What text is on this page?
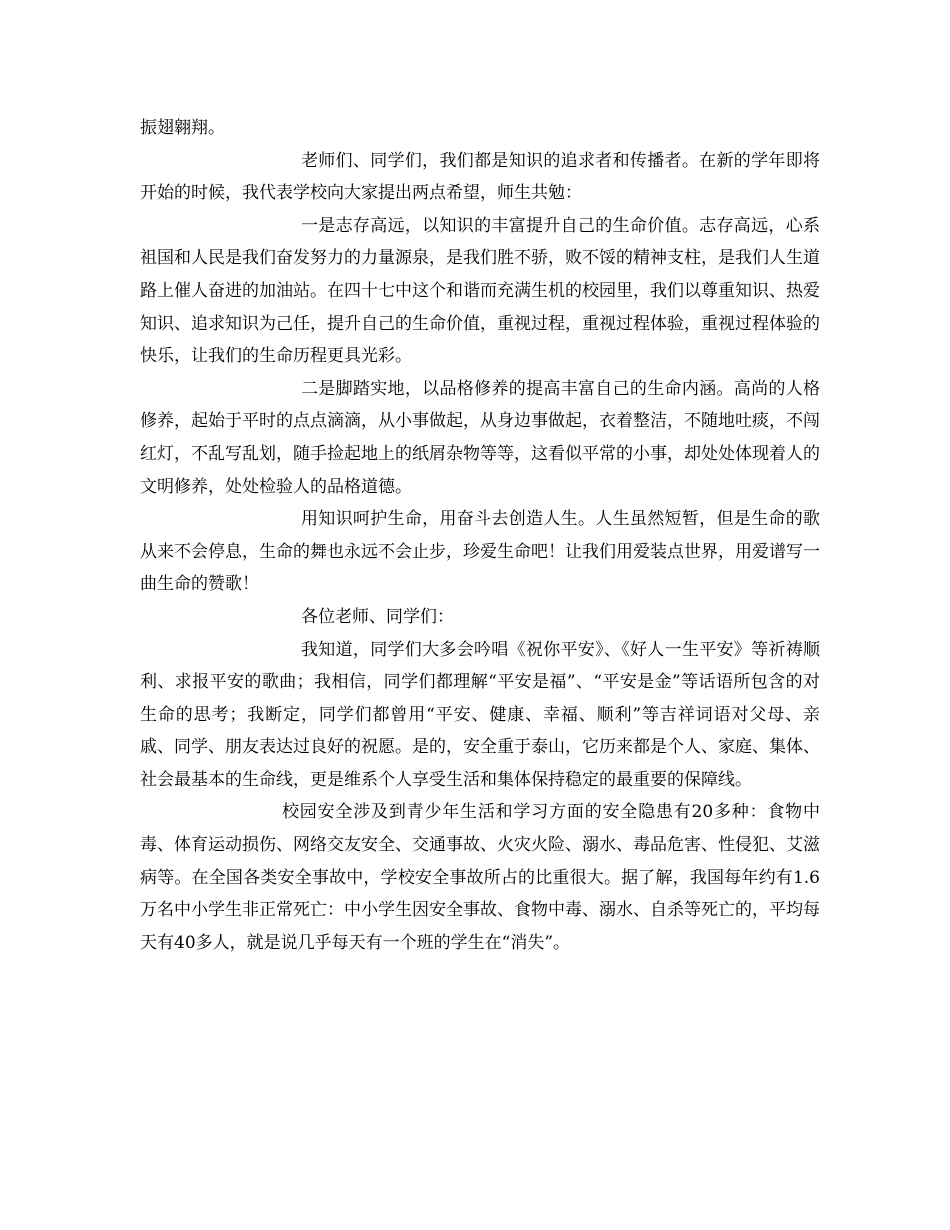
振翅翱翔。

老师们、同学们，我们都是知识的追求者和传播者。在新的学年即将开始的时候，我代表学校向大家提出两点希望，师生共勉：

一是志存高远，以知识的丰富提升自己的生命价值。志存高远，心系祖国和人民是我们奋发努力的力量源泉，是我们胜不骄，败不馁的精神支柱，是我们人生道路上催人奋进的加油站。在四十七中这个和谐而充满生机的校园里，我们以尊重知识、热爱知识、追求知识为己任，提升自己的生命价值，重视过程，重视过程体验，重视过程体验的快乐，让我们的生命历程更具光彩。

二是脚踏实地，以品格修养的提高丰富自己的生命内涵。高尚的人格修养，起始于平时的点点滴滴，从小事做起，从身边事做起，衣着整洁，不随地吐痰，不闯红灯，不乱写乱划，随手捡起地上的纸屑杂物等等，这看似平常的小事，却处处体现着人的文明修养，处处检验人的品格道德。

用知识呵护生命，用奋斗去创造人生。人生虽然短暂，但是生命的歌从来不会停息，生命的舞也永远不会止步，珍爱生命吧！让我们用爱装点世界，用爱谱写一曲生命的赞歌！

各位老师、同学们：

我知道，同学们大多会吟唱《祝你平安》、《好人一生平安》等祈祷顺利、求报平安的歌曲；我相信，同学们都理解“平安是福”、“平安是金”等话语所包含的对生命的思考；我断定，同学们都曾用“平安、健康、幸福、顺利”等吉祥词语对父母、亲戚、同学、朋友表达过良好的祝愿。是的，安全重于泰山，它历来都是个人、家庭、集体、社会最基本的生命线，更是维系个人享受生活和集体保持稳定的最重要的保障线。

校园安全涉及到青少年生活和学习方面的安全隐患有20多种：食物中毒、体育运动损伤、网络交友安全、交通事故、火灾火险、溺水、毒品危害、性侵犯、艾滋病等。在全国各类安全事故中，学校安全事故所占的比重很大。据了解，我国每年约有1.6万名中小学生非正常死亡：中小学生因安全事故、食物中毒、溺水、自杀等死亡的，平均每天有40多人，就是说几乎每天有一个班的学生在“消失”。
